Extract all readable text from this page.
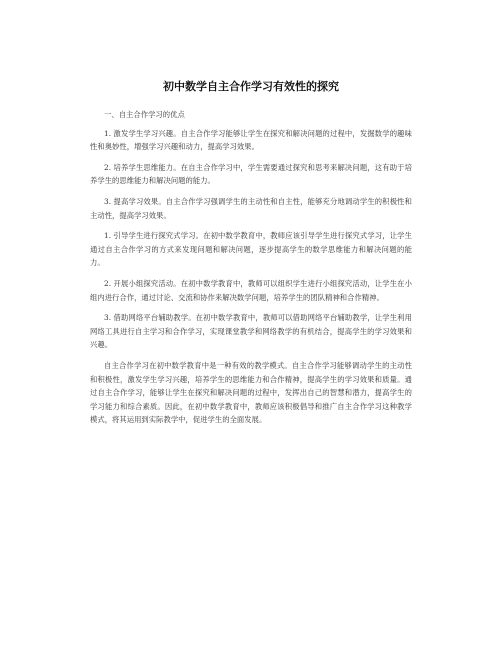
初中数学自主合作学习有效性的探究

一、自主合作学习的优点

1. 激发学生学习兴趣。自主合作学习能够让学生在探究和解决问题的过程中，发掘数学的趣味性和奥妙性，增强学习兴趣和动力，提高学习效果。

2. 培养学生思维能力。在自主合作学习中，学生需要通过探究和思考来解决问题，这有助于培养学生的思维能力和解决问题的能力。

3. 提高学习效果。自主合作学习强调学生的主动性和自主性，能够充分地调动学生的积极性和主动性，提高学习效果。

1. 引导学生进行探究式学习。在初中数学教育中，教师应该引导学生进行探究式学习，让学生通过自主合作学习的方式来发现问题和解决问题，逐步提高学生的数学思维能力和解决问题的能力。

2. 开展小组探究活动。在初中数学教育中，教师可以组织学生进行小组探究活动，让学生在小组内进行合作，通过讨论、交流和协作来解决数学问题，培养学生的团队精神和合作精神。

3. 借助网络平台辅助教学。在初中数学教育中，教师可以借助网络平台辅助教学，让学生利用网络工具进行自主学习和合作学习，实现课堂教学和网络教学的有机结合，提高学生的学习效果和兴趣。

自主合作学习在初中数学教育中是一种有效的教学模式。自主合作学习能够调动学生的主动性和积极性，激发学生学习兴趣，培养学生的思维能力和合作精神，提高学生的学习效果和质量。通过自主合作学习，能够让学生在探究和解决问题的过程中，发挥出自己的智慧和潜力，提高学生的学习能力和综合素质。因此，在初中数学教育中，教师应该积极倡导和推广自主合作学习这种教学模式，将其运用到实际教学中，促进学生的全面发展。
